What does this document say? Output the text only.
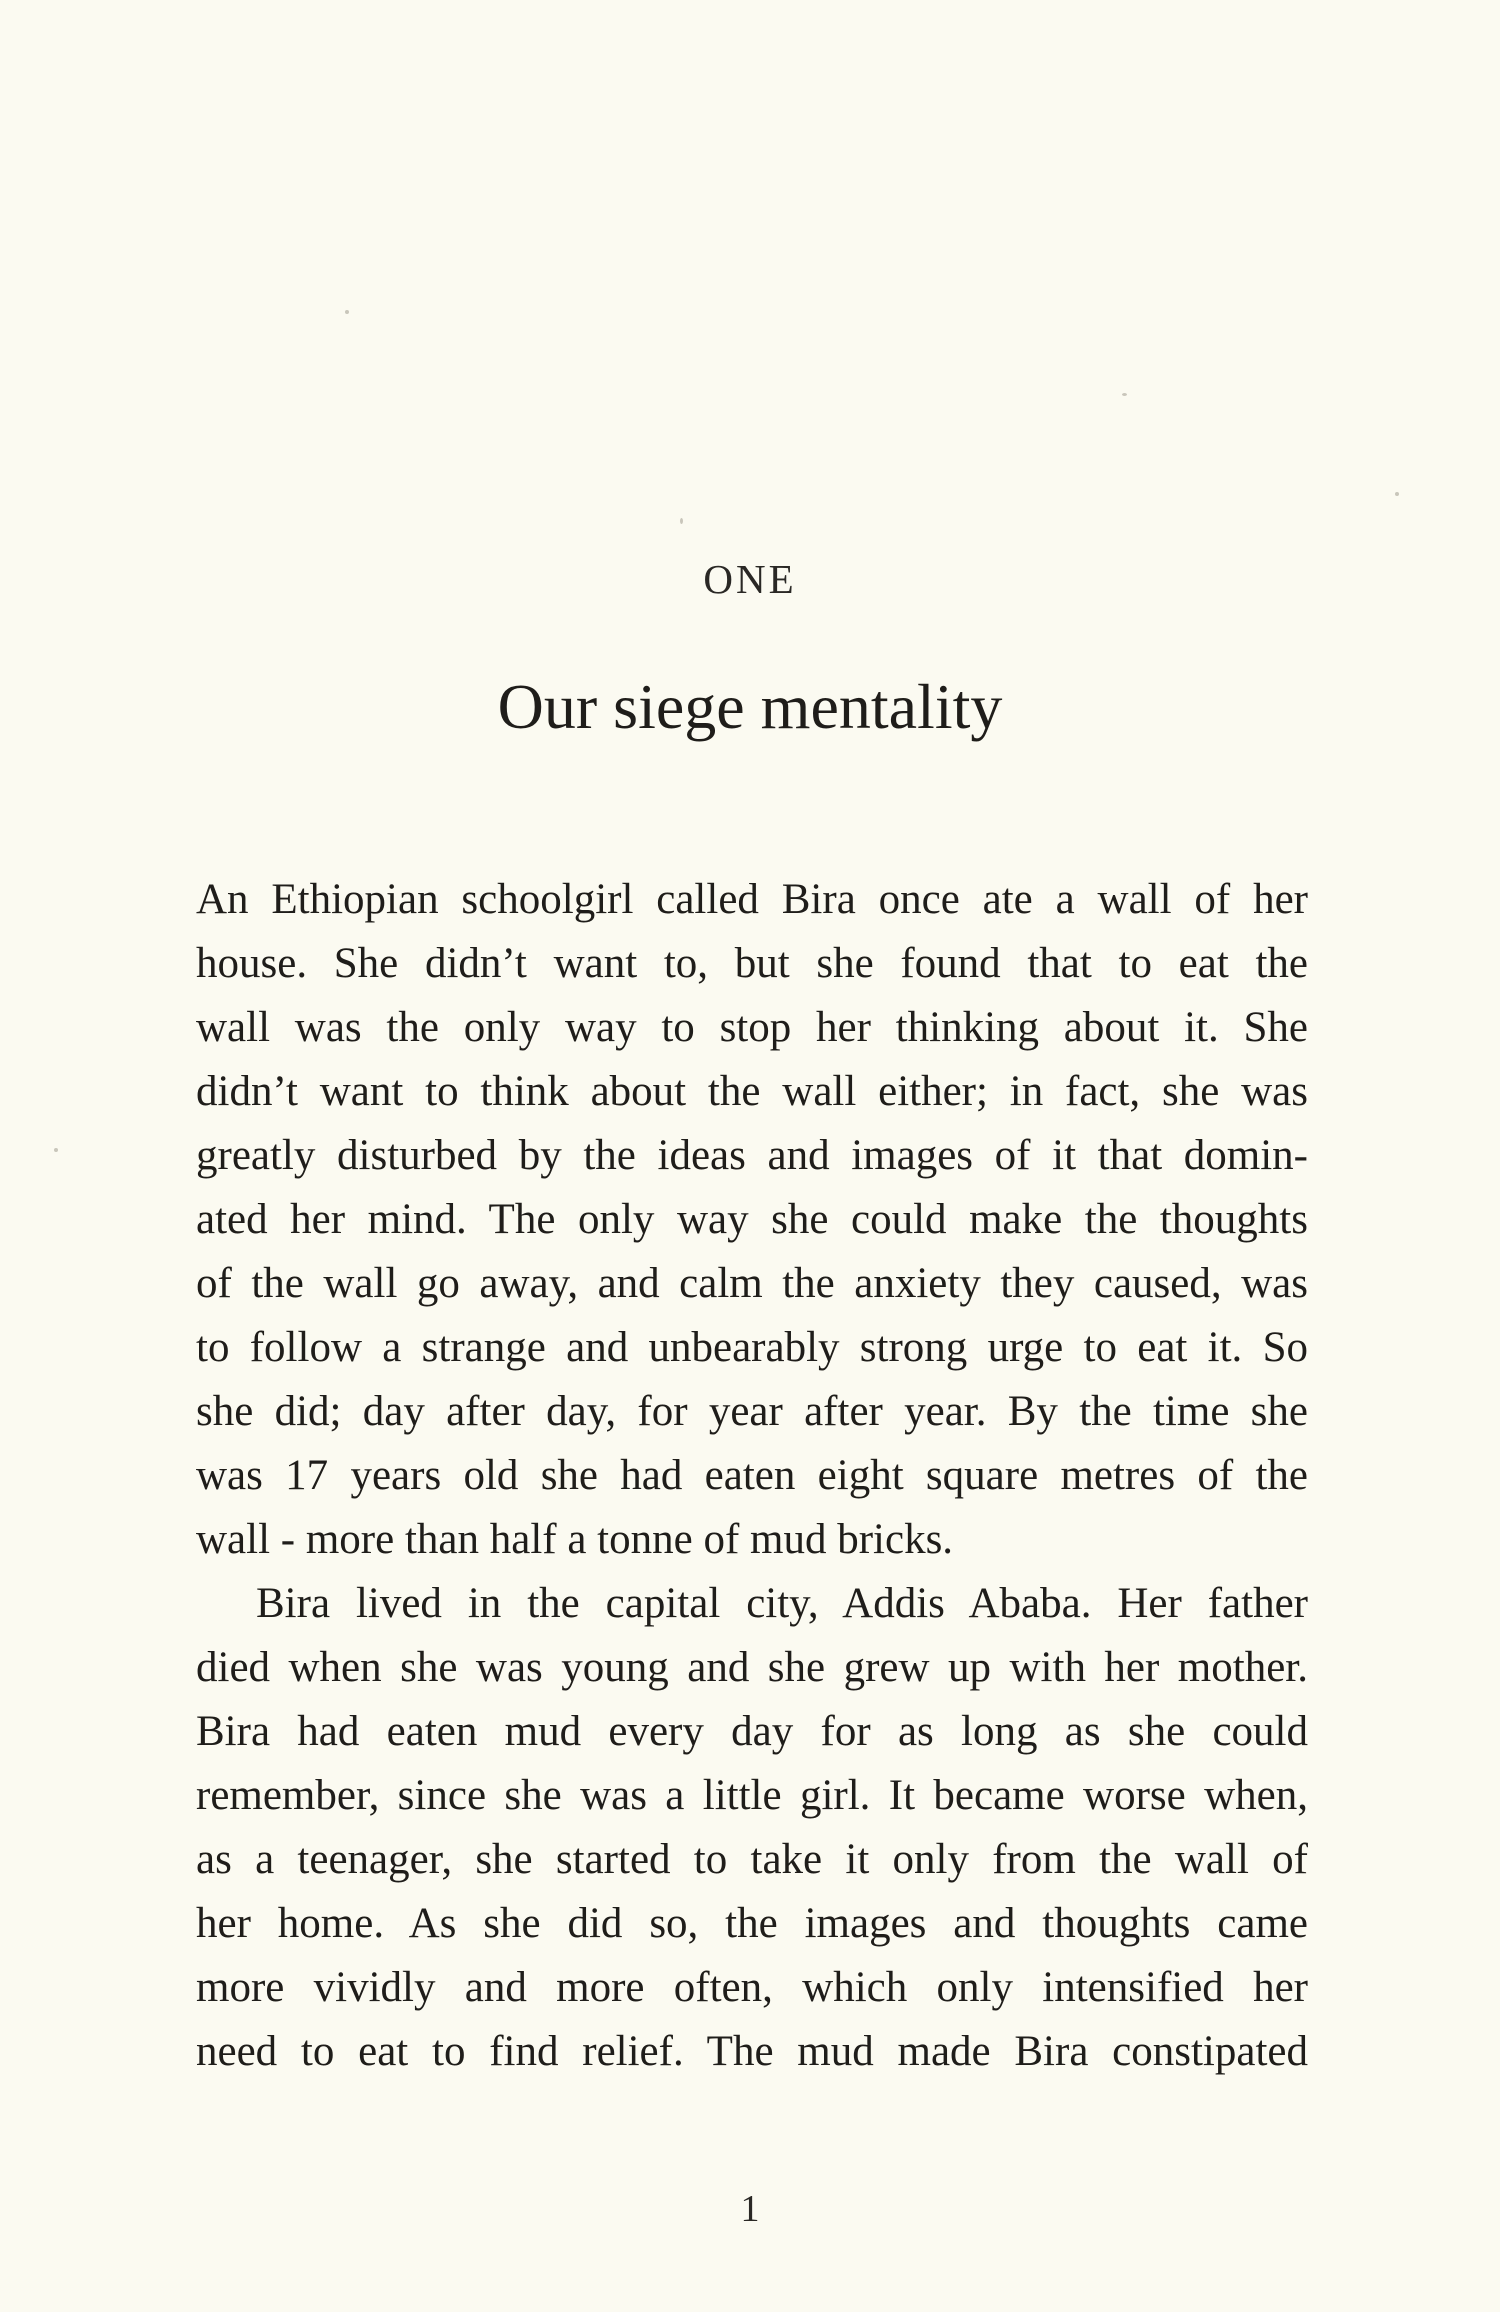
ONE
Our siege mentality
An Ethiopian schoolgirl called Bira once ate a wall of her
house. She didn’t want to, but she found that to eat the
wall was the only way to stop her thinking about it. She
didn’t want to think about the wall either; in fact, she was
greatly disturbed by the ideas and images of it that domin-
ated her mind. The only way she could make the thoughts
of the wall go away, and calm the anxiety they caused, was
to follow a strange and unbearably strong urge to eat it. So
she did; day after day, for year after year. By the time she
was 17 years old she had eaten eight square metres of the
wall - more than half a tonne of mud bricks.
Bira lived in the capital city, Addis Ababa. Her father
died when she was young and she grew up with her mother.
Bira had eaten mud every day for as long as she could
remember, since she was a little girl. It became worse when,
as a teenager, she started to take it only from the wall of
her home. As she did so, the images and thoughts came
more vividly and more often, which only intensified her
need to eat to find relief. The mud made Bira constipated
1
